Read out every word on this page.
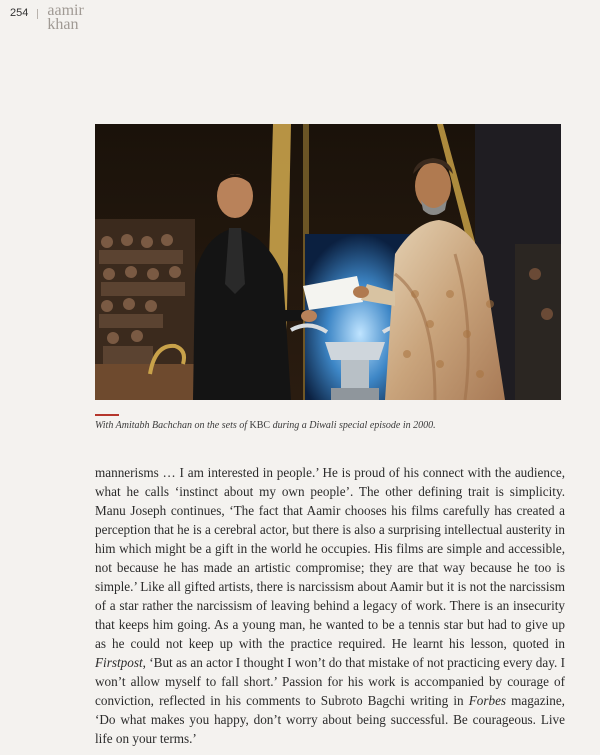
254 aamir
khan
With Amitabh Bachchan on the sets of KBC during a Diwali special episode in 2000.

mannerisms … I am interested in people.’ He is proud of his connect with the audience, what he calls ‘instinct about my own people’. The other defining trait is simplicity. Manu Joseph continues, ‘The fact that Aamir chooses his films carefully has created a perception that he is a cerebral actor, but there is also a surprising intellectual austerity in him which might be a gift in the world he occupies. His films are simple and accessible, not because he has made an artistic compromise; they are that way because he too is simple.’ Like all gifted artists, there is narcissism about Aamir but it is not the narcissism of a star rather the narcissism of leaving behind a legacy of work. There is an insecurity that keeps him going. As a young man, he wanted to be a tennis star but had to give up as he could not keep up with the practice required. He learnt his lesson, quoted in Firstpost, ‘But as an actor I thought I won’t do that mistake of not practicing every day. I won’t allow myself to fall short.’ Passion for his work is accompanied by courage of conviction, reflected in his comments to Subroto Bagchi writing in Forbes magazine, ‘Do what makes you happy, don’t worry about being successful. Be courageous. Live life on your terms.’
